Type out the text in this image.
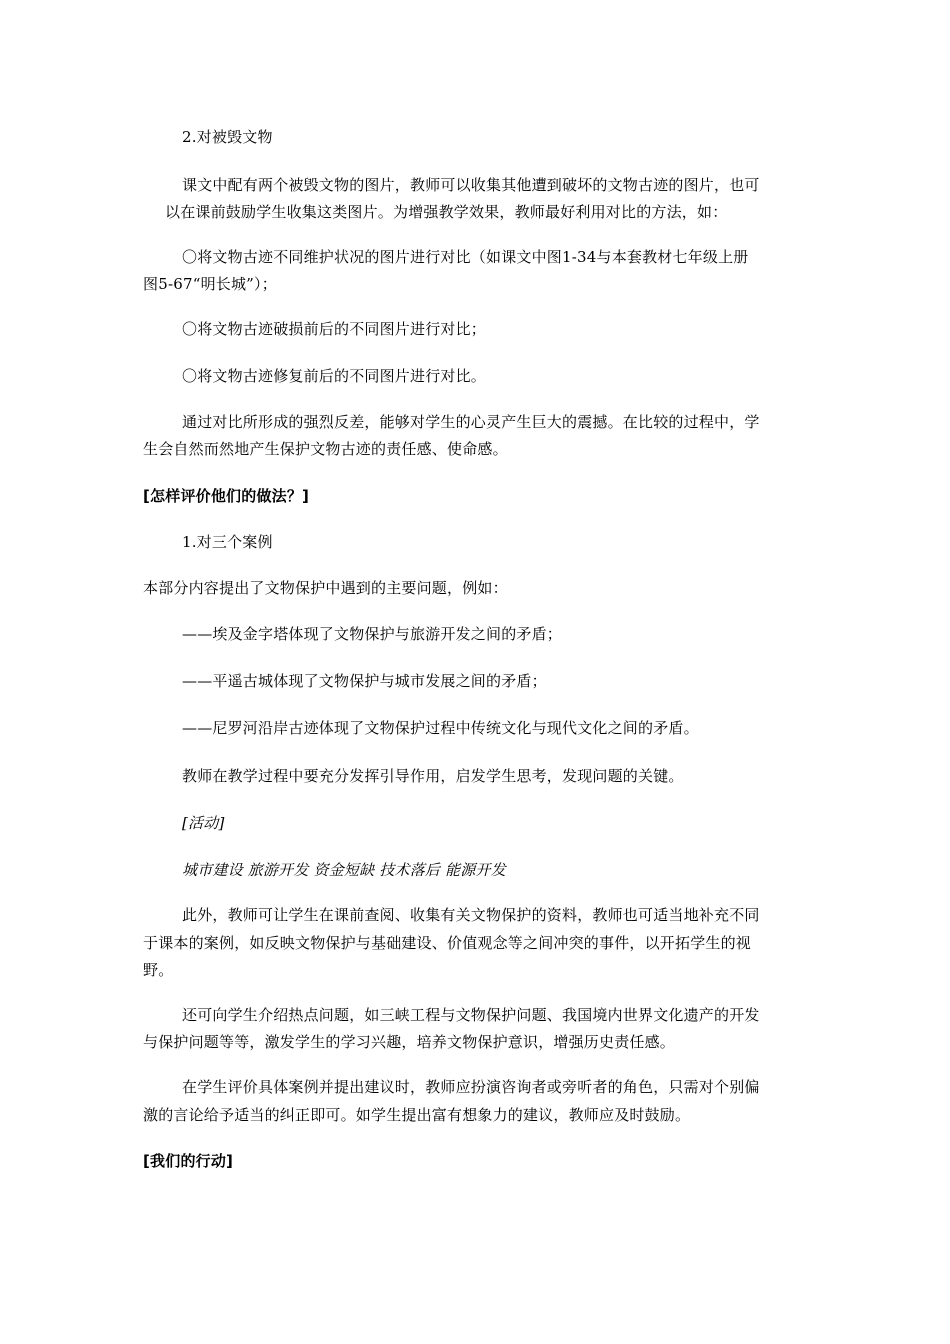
2.对被毁文物
课文中配有两个被毁文物的图片，教师可以收集其他遭到破坏的文物古迹的图片，也可
以在课前鼓励学生收集这类图片。为增强教学效果，教师最好利用对比的方法，如：
〇将文物古迹不同维护状况的图片进行对比（如课文中图1-34与本套教材七年级上册
图5-67“明长城”）；
〇将文物古迹破损前后的不同图片进行对比；
〇将文物古迹修复前后的不同图片进行对比。
通过对比所形成的强烈反差，能够对学生的心灵产生巨大的震撼。在比较的过程中，学
生会自然而然地产生保护文物古迹的责任感、使命感。
[怎样评价他们的做法？]
1.对三个案例
本部分内容提出了文物保护中遇到的主要问题，例如：
——埃及金字塔体现了文物保护与旅游开发之间的矛盾；
——平遥古城体现了文物保护与城市发展之间的矛盾；
——尼罗河沿岸古迹体现了文物保护过程中传统文化与现代文化之间的矛盾。
教师在教学过程中要充分发挥引导作用，启发学生思考，发现问题的关键。
[活动]
城市建设 旅游开发 资金短缺 技术落后 能源开发
此外，教师可让学生在课前查阅、收集有关文物保护的资料，教师也可适当地补充不同
于课本的案例，如反映文物保护与基础建设、价值观念等之间冲突的事件，以开拓学生的视
野。
还可向学生介绍热点问题，如三峡工程与文物保护问题、我国境内世界文化遗产的开发
与保护问题等等，激发学生的学习兴趣，培养文物保护意识，增强历史责任感。
在学生评价具体案例并提出建议时，教师应扮演咨询者或旁听者的角色，只需对个别偏
激的言论给予适当的纠正即可。如学生提出富有想象力的建议，教师应及时鼓励。
[我们的行动]
